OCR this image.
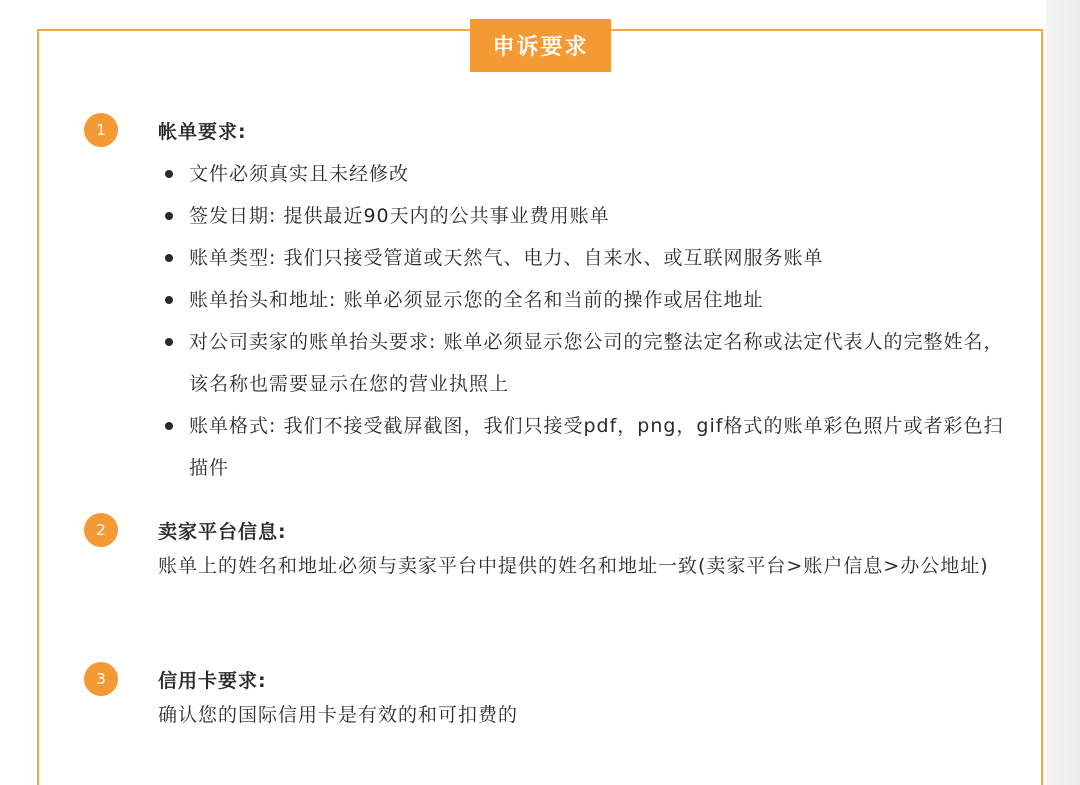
申诉要求
1	帐单要求:
文件必须真实且未经修改
签发日期: 提供最近90天内的公共事业费用账单
账单类型: 我们只接受管道或天然气、电力、自来水、或互联网服务账单
账单抬头和地址: 账单必须显示您的全名和当前的操作或居住地址
对公司卖家的账单抬头要求: 账单必须显示您公司的完整法定名称或法定代表人的完整姓名，该名称也需要显示在您的营业执照上
账单格式: 我们不接受截屏截图，我们只接受pdf，png，gif格式的账单彩色照片或者彩色扫描件
2	卖家平台信息:
账单上的姓名和地址必须与卖家平台中提供的姓名和地址一致(卖家平台>账户信息>办公地址)
3	信用卡要求:
确认您的国际信用卡是有效的和可扣费的
